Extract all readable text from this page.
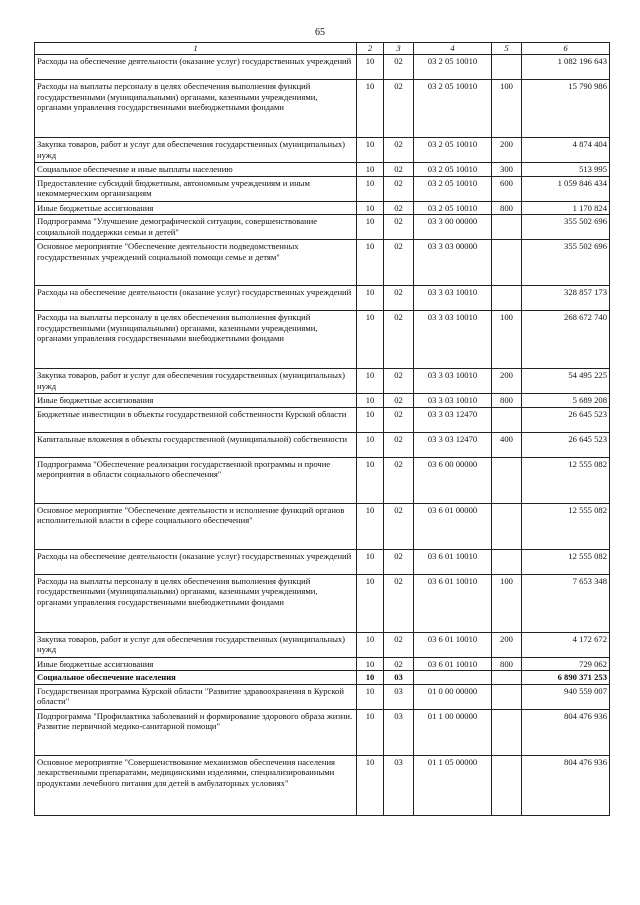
65
1	2	3	4	5	6
Расходы на обеспечение деятельности (оказание услуг) государственных учреждений	10	02	03 2 05 10010		1 082 196 643
Расходы на выплаты персоналу в целях обеспечения выполнения функций государственными (муниципальными) органами, казенными учреждениями, органами управления государственными внебюджетными фондами	10	02	03 2 05 10010	100	15 790 986
Закупка товаров, работ и услуг для обеспечения государственных (муниципальных) нужд	10	02	03 2 05 10010	200	4 874 404
Социальное обеспечение и иные выплаты населению	10	02	03 2 05 10010	300	513 995
Предоставление субсидий бюджетным, автономным учреждениям и иным некоммерческим организациям	10	02	03 2 05 10010	600	1 059 846 434
Иные бюджетные ассигнования	10	02	03 2 05 10010	800	1 170 824
Подпрограмма "Улучшение демографической ситуации, совершенствование социальной поддержки семьи и детей"	10	02	03 3 00 00000		355 502 696
Основное мероприятие "Обеспечение деятельности подведомственных государственных учреждений социальной помощи семье и детям"	10	02	03 3 03 00000		355 502 696
Расходы на обеспечение деятельности (оказание услуг) государственных учреждений	10	02	03 3 03 10010		328 857 173
Расходы на выплаты персоналу в целях обеспечения выполнения функций государственными (муниципальными) органами, казенными учреждениями, органами управления государственными внебюджетными фондами	10	02	03 3 03 10010	100	268 672 740
Закупка товаров, работ и услуг для обеспечения государственных (муниципальных) нужд	10	02	03 3 03 10010	200	54 495 225
Иные бюджетные ассигнования	10	02	03 3 03 10010	800	5 689 208
Бюджетные инвестиции в объекты государственной собственности Курской области	10	02	03 3 03 12470		26 645 523
Капитальные вложения в объекты государственной (муниципальной) собственности	10	02	03 3 03 12470	400	26 645 523
Подпрограмма "Обеспечение реализации государственной программы и прочие мероприятия в области социального обеспечения"	10	02	03 6 00 00000		12 555 082
Основное мероприятие "Обеспечение деятельности и исполнение функций органов исполнительной власти в сфере социального обеспечения"	10	02	03 6 01 00000		12 555 082
Расходы на обеспечение деятельности (оказание услуг) государственных учреждений	10	02	03 6 01 10010		12 555 082
Расходы на выплаты персоналу в целях обеспечения выполнения функций государственными (муниципальными) органами, казенными учреждениями, органами управления государственными внебюджетными фондами	10	02	03 6 01 10010	100	7 653 348
Закупка товаров, работ и услуг для обеспечения государственных (муниципальных) нужд	10	02	03 6 01 10010	200	4 172 672
Иные бюджетные ассигнования	10	02	03 6 01 10010	800	729 062
Социальное обеспечение населения	10	03			6 890 371 253
Государственная программа Курской области "Развитие здравоохранения в Курской области"	10	03	01 0 00 00000		940 559 007
Подпрограмма "Профилактика заболеваний и формирование здорового образа жизни. Развитие первичной медико-санитарной помощи"	10	03	01 1 00 00000		804 476 936
Основное мероприятие "Совершенствование механизмов обеспечения населения лекарственными препаратами, медицинскими изделиями, специализированными продуктами лечебного питания для детей в амбулаторных условиях"	10	03	01 1 05 00000		804 476 936
